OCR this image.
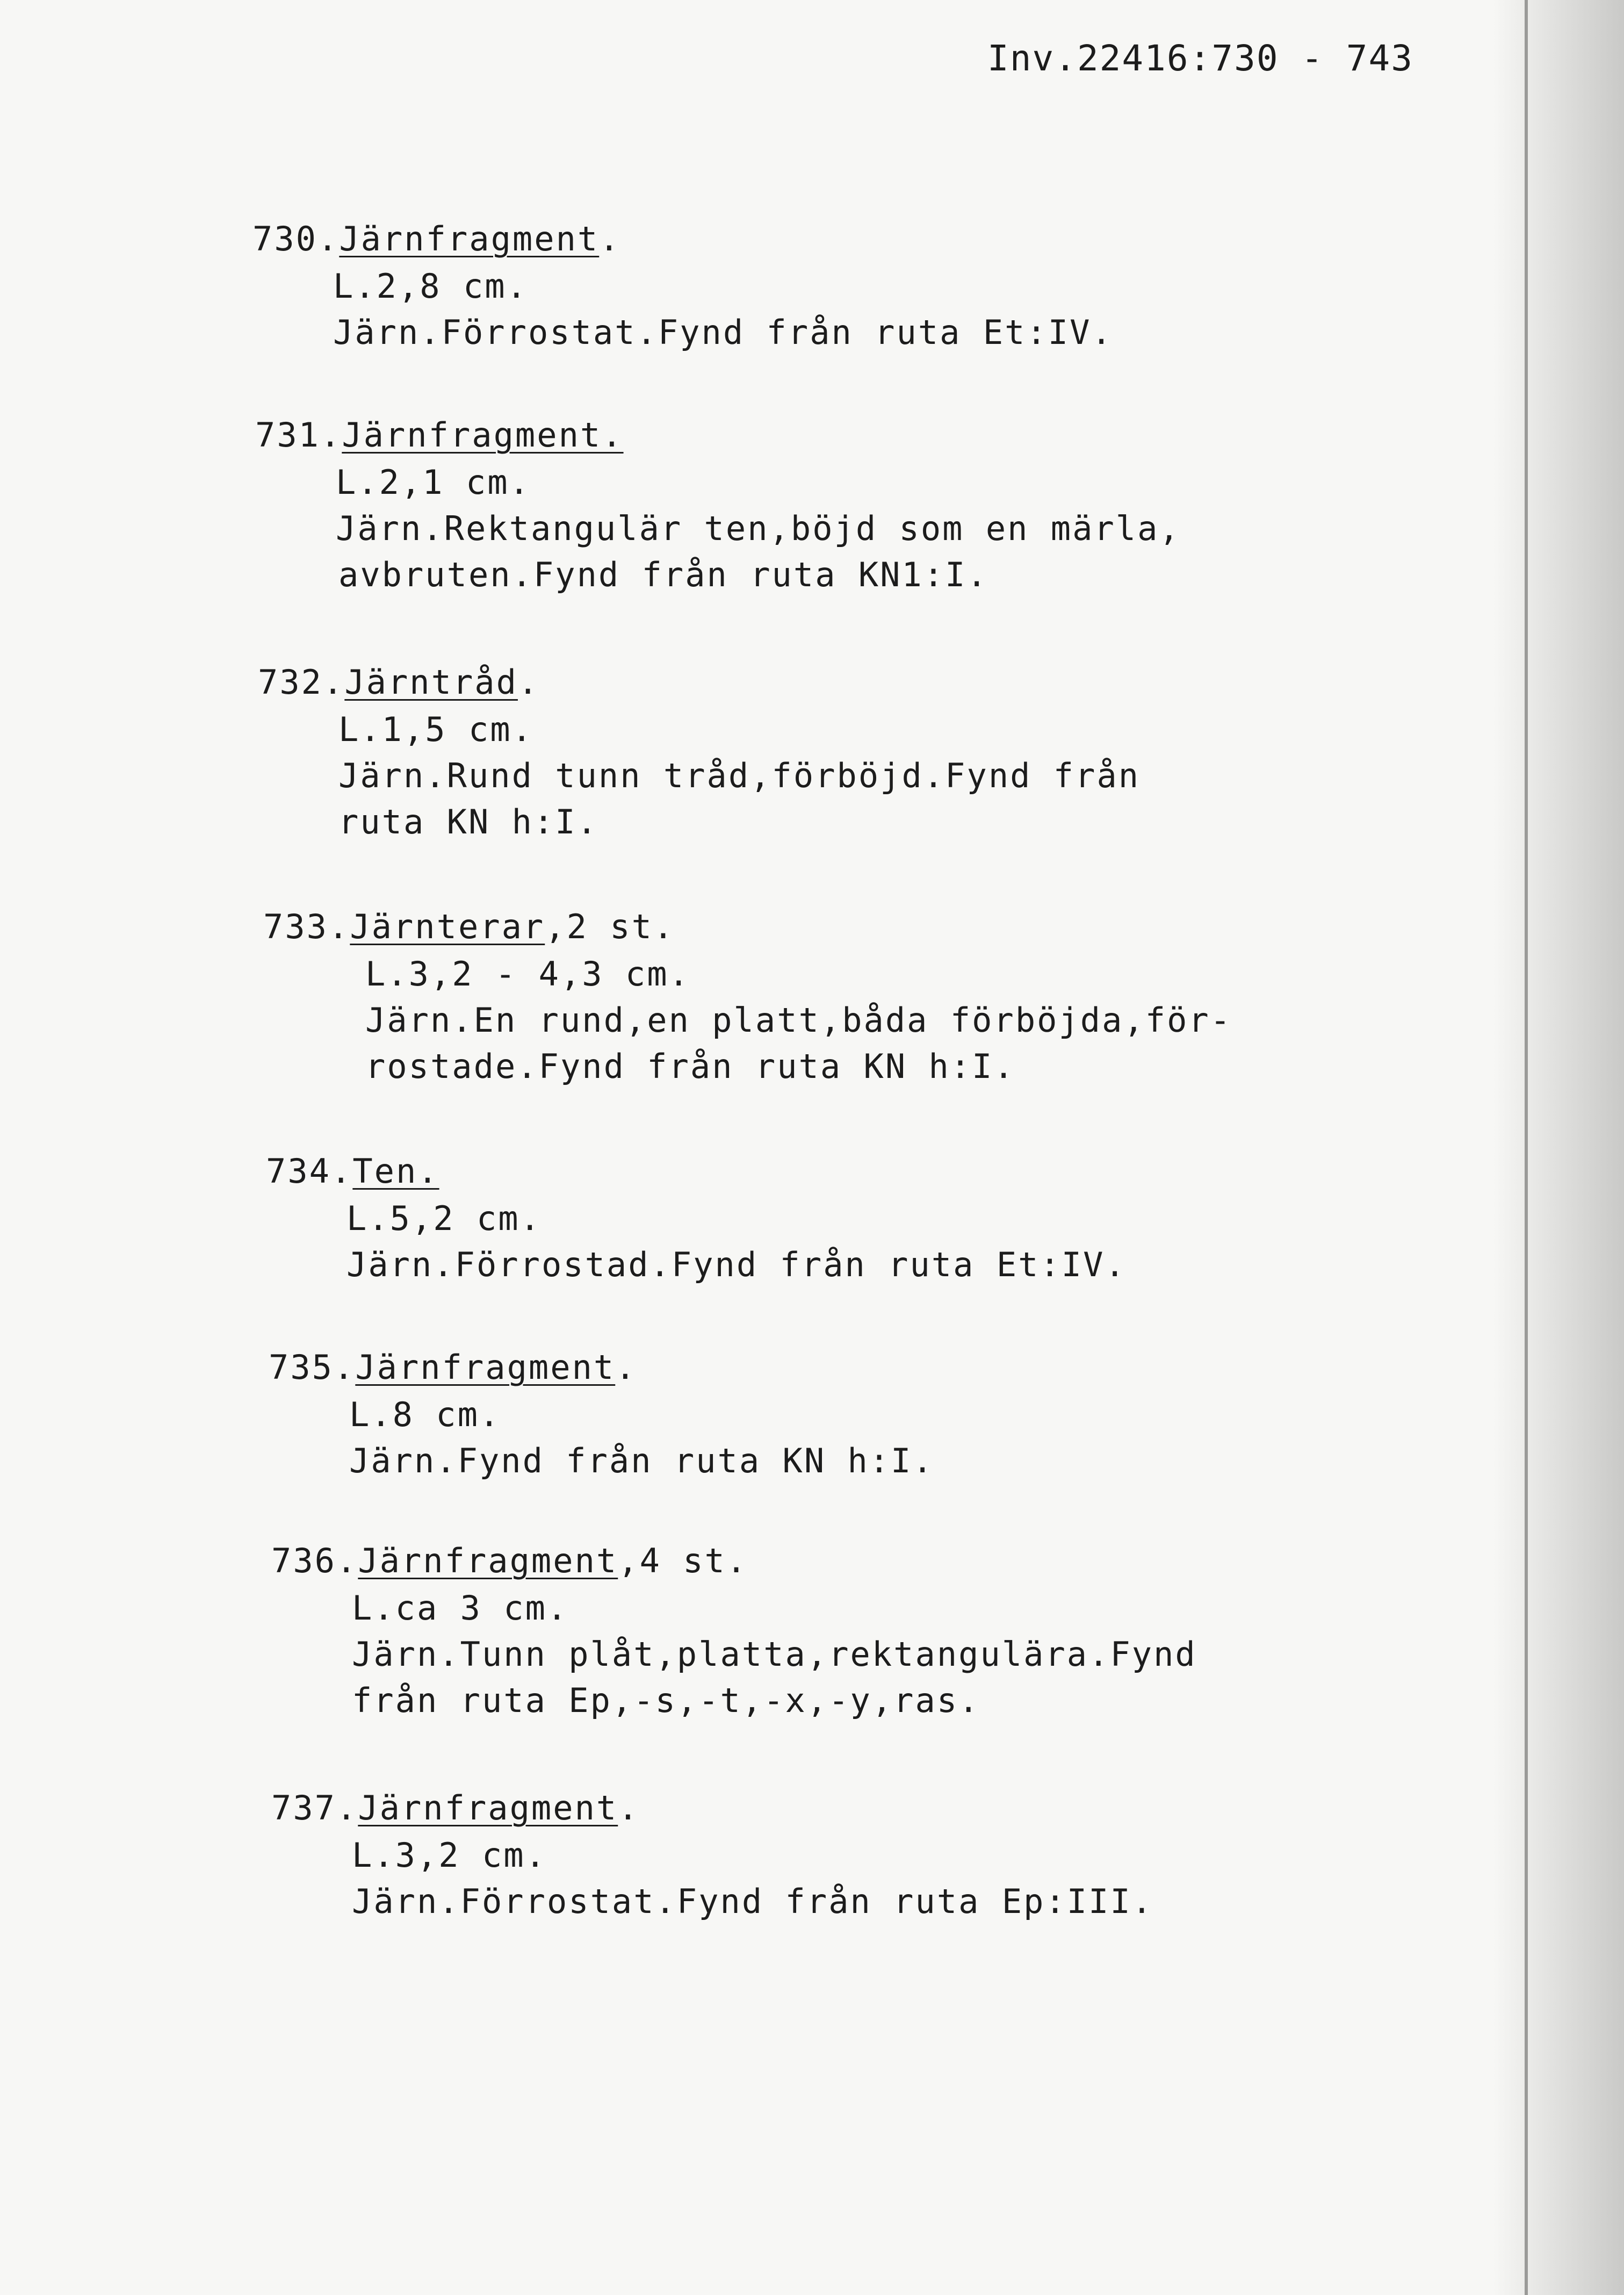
Inv.22416:730 - 743
730.Järnfragment.
L.2,8 cm.
Järn.Förrostat.Fynd från ruta Et:IV.
731.Järnfragment.
L.2,1 cm.
Järn.Rektangulär ten,böjd som en märla,
avbruten.Fynd från ruta KN1:I.
732.Järntråd.
L.1,5 cm.
Järn.Rund tunn tråd,förböjd.Fynd från
ruta KN h:I.
733.Järnterar,2 st.
L.3,2 - 4,3 cm.
Järn.En rund,en platt,båda förböjda,för-
rostade.Fynd från ruta KN h:I.
734.Ten.
L.5,2 cm.
Järn.Förrostad.Fynd från ruta Et:IV.
735.Järnfragment.
L.8 cm.
Järn.Fynd från ruta KN h:I.
736.Järnfragment,4 st.
L.ca 3 cm.
Järn.Tunn plåt,platta,rektangulära.Fynd
från ruta Ep,-s,-t,-x,-y,ras.
737.Järnfragment.
L.3,2 cm.
Järn.Förrostat.Fynd från ruta Ep:III.
